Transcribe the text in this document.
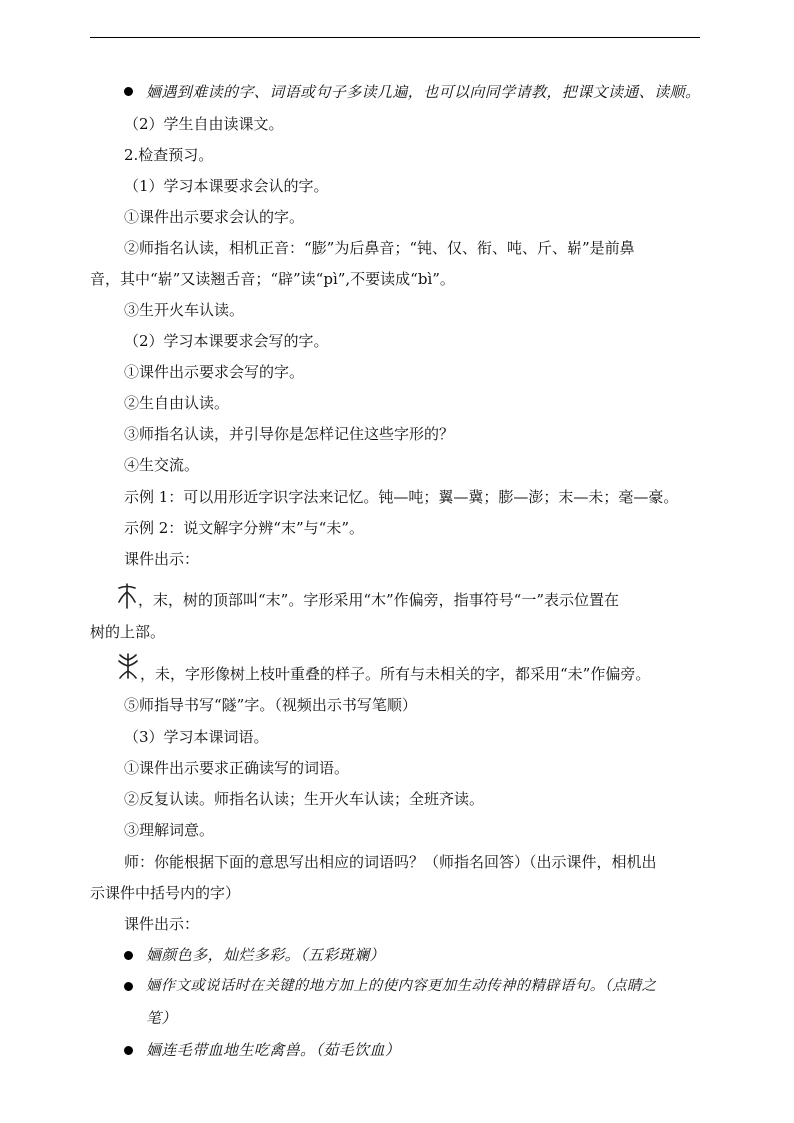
婳遇到难读的字、词语或句子多读几遍，也可以向同学请教，把课文读通、读顺。
（2）学生自由读课文。
2.检查预习。
（1）学习本课要求会认的字。
①课件出示要求会认的字。
②师指名认读，相机正音：“膨”为后鼻音；“钝、仅、衔、吨、斤、崭”是前鼻
音，其中“崭”又读翘舌音；“辟”读“pì”,不要读成“bì”。
③生开火车认读。
（2）学习本课要求会写的字。
①课件出示要求会写的字。
②生自由认读。
③师指名认读，并引导你是怎样记住这些字形的？
④生交流。
示例 1：可以用形近字识字法来记忆。钝—吨；翼—冀；膨—澎；末—未；毫—豪。
示例 2：说文解字分辨“末”与“未”。
课件出示：
，末，树的顶部叫“末”。字形采用“木”作偏旁，指事符号“一”表示位置在
树的上部。
，未，字形像树上枝叶重叠的样子。所有与未相关的字，都采用“未”作偏旁。
⑤师指导书写“隧”字。（视频出示书写笔顺）
（3）学习本课词语。
①课件出示要求正确读写的词语。
②反复认读。师指名认读；生开火车认读；全班齐读。
③理解词意。
师：你能根据下面的意思写出相应的词语吗？（师指名回答）（出示课件，相机出
示课件中括号内的字）
课件出示：
婳颜色多，灿烂多彩。（五彩斑斓）
婳作文或说话时在关键的地方加上的使内容更加生动传神的精辟语句。（点睛之
笔）
婳连毛带血地生吃禽兽。（茹毛饮血）
